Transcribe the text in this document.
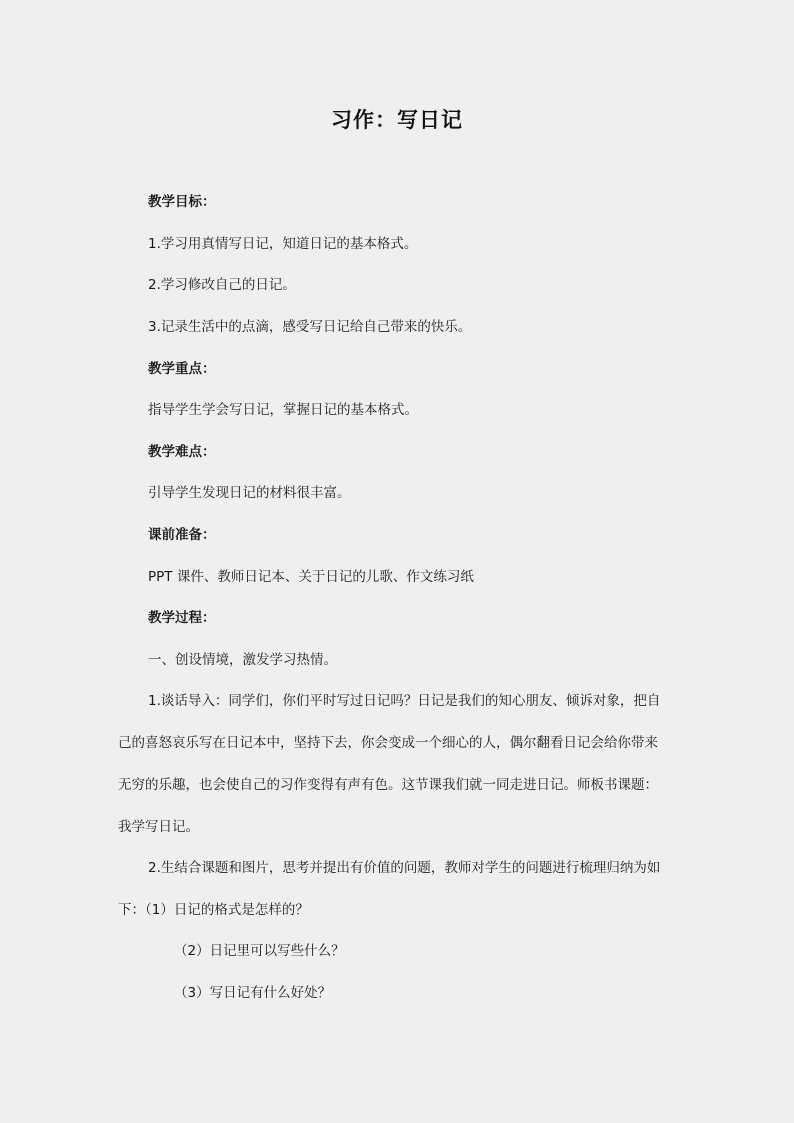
习作：写日记
教学目标：
1.学习用真情写日记，知道日记的基本格式。
2.学习修改自己的日记。
3.记录生活中的点滴，感受写日记给自己带来的快乐。
教学重点：
指导学生学会写日记，掌握日记的基本格式。
教学难点：
引导学生发现日记的材料很丰富。
课前准备：
PPT 课件、教师日记本、关于日记的儿歌、作文练习纸
教学过程：
一、创设情境，激发学习热情。
1.谈话导入：同学们，你们平时写过日记吗？日记是我们的知心朋友、倾诉对象，把自
己的喜怒哀乐写在日记本中，坚持下去，你会变成一个细心的人，偶尔翻看日记会给你带来
无穷的乐趣，也会使自己的习作变得有声有色。这节课我们就一同走进日记。师板书课题：
我学写日记。
2.生结合课题和图片，思考并提出有价值的问题，教师对学生的问题进行梳理归纳为如
下：（1）日记的格式是怎样的？
（2）日记里可以写些什么？
（3）写日记有什么好处？
